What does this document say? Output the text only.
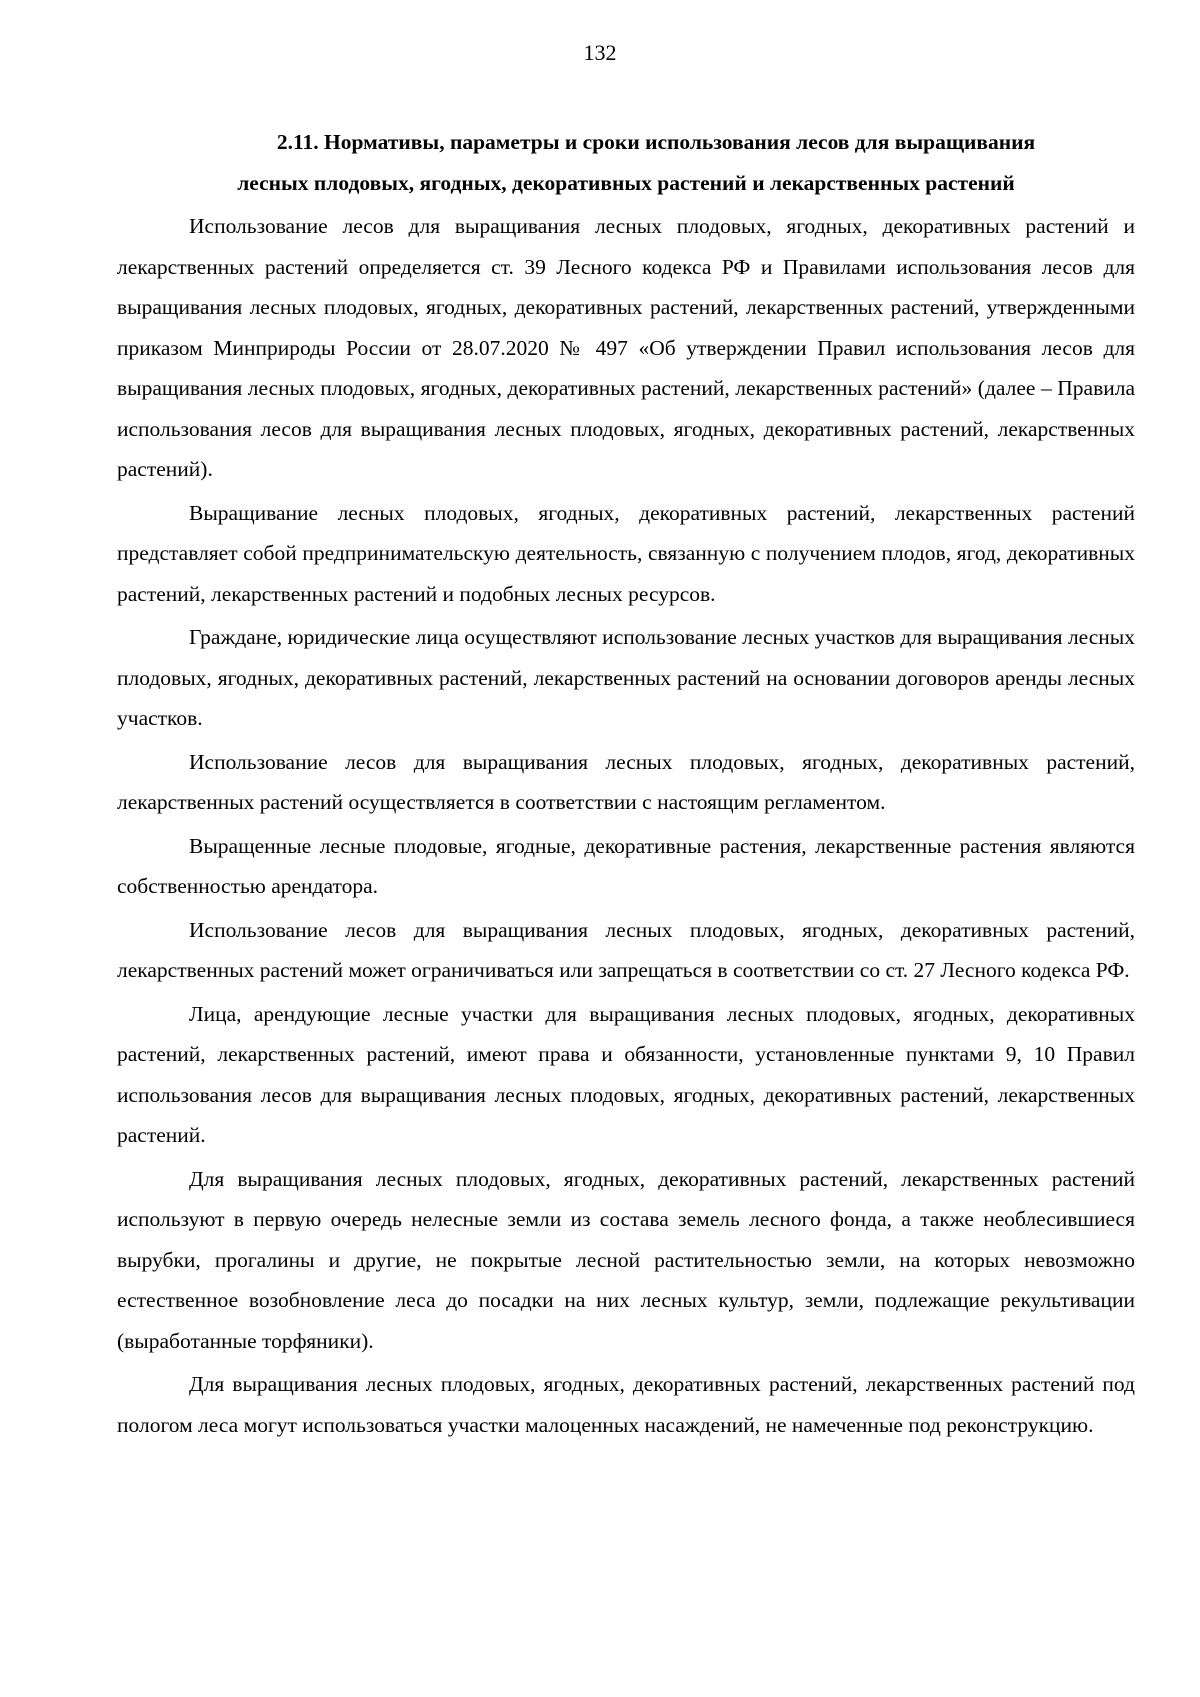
132

2.11. Нормативы, параметры и сроки использования лесов для выращивания
лесных плодовых, ягодных, декоративных растений и лекарственных растений

Использование лесов для выращивания лесных плодовых, ягодных, декоративных растений и лекарственных растений определяется ст. 39 Лесного кодекса РФ и Правилами использования лесов для выращивания лесных плодовых, ягодных, декоративных растений, лекарственных растений, утвержденными приказом Минприроды России от 28.07.2020 № 497 «Об утверждении Правил использования лесов для выращивания лесных плодовых, ягодных, декоративных растений, лекарственных растений» (далее – Правила использования лесов для выращивания лесных плодовых, ягодных, декоративных растений, лекарственных растений).

Выращивание лесных плодовых, ягодных, декоративных растений, лекарственных растений представляет собой предпринимательскую деятельность, связанную с получением плодов, ягод, декоративных растений, лекарственных растений и подобных лесных ресурсов.

Граждане, юридические лица осуществляют использование лесных участков для выращивания лесных плодовых, ягодных, декоративных растений, лекарственных растений на основании договоров аренды лесных участков.

Использование лесов для выращивания лесных плодовых, ягодных, декоративных растений, лекарственных растений осуществляется в соответствии с настоящим регламентом.

Выращенные лесные плодовые, ягодные, декоративные растения, лекарственные растения являются собственностью арендатора.

Использование лесов для выращивания лесных плодовых, ягодных, декоративных растений, лекарственных растений может ограничиваться или запрещаться в соответствии со ст. 27 Лесного кодекса РФ.

Лица, арендующие лесные участки для выращивания лесных плодовых, ягодных, декоративных растений, лекарственных растений, имеют права и обязанности, установленные пунктами 9, 10 Правил использования лесов для выращивания лесных плодовых, ягодных, декоративных растений, лекарственных растений.

Для выращивания лесных плодовых, ягодных, декоративных растений, лекарственных растений используют в первую очередь нелесные земли из состава земель лесного фонда, а также необлесившиеся вырубки, прогалины и другие, не покрытые лесной растительностью земли, на которых невозможно естественное возобновление леса до посадки на них лесных культур, земли, подлежащие рекультивации (выработанные торфяники).

Для выращивания лесных плодовых, ягодных, декоративных растений, лекарственных растений под пологом леса могут использоваться участки малоценных насаждений, не намеченные под реконструкцию.
